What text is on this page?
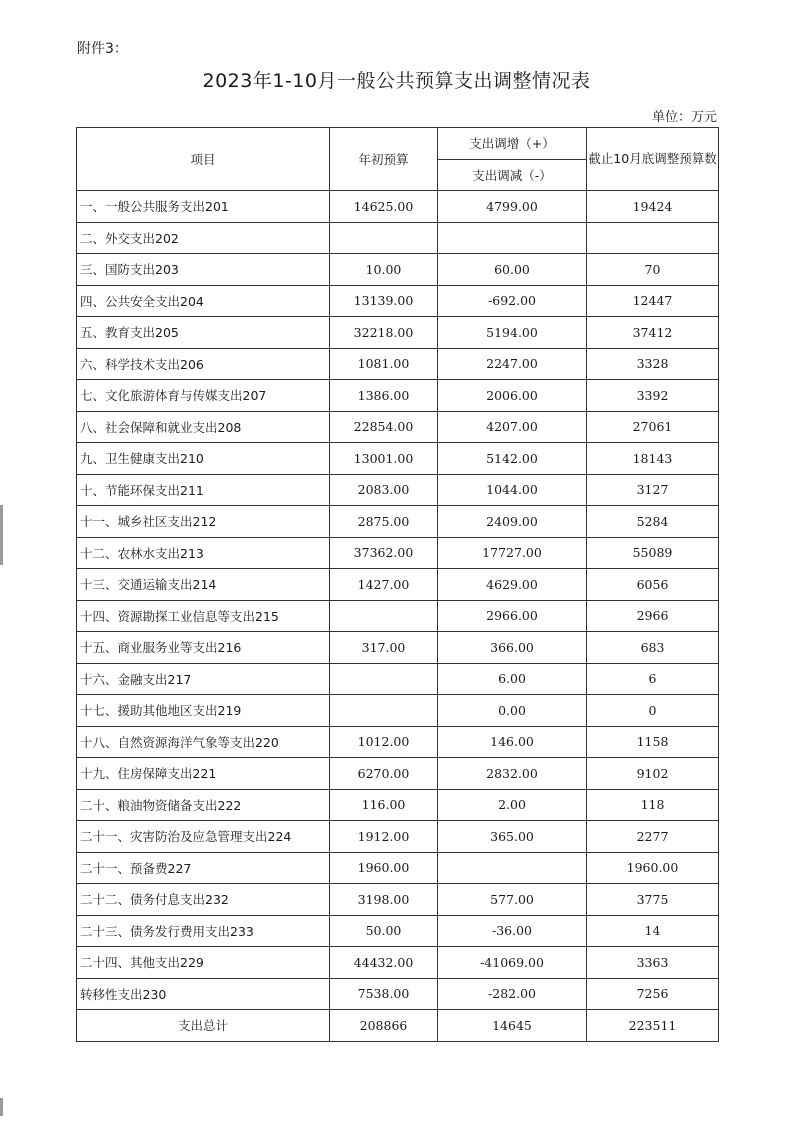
附件3：
2023年1-10月一般公共预算支出调整情况表
单位：万元
项目	年初预算	支出调增（+）	截止10月底调整预算数
		支出调减（-）	
一、一般公共服务支出201	14625.00	4799.00	19424
二、外交支出202			
三、国防支出203	10.00	60.00	70
四、公共安全支出204	13139.00	-692.00	12447
五、教育支出205	32218.00	5194.00	37412
六、科学技术支出206	1081.00	2247.00	3328
七、文化旅游体育与传媒支出207	1386.00	2006.00	3392
八、社会保障和就业支出208	22854.00	4207.00	27061
九、卫生健康支出210	13001.00	5142.00	18143
十、节能环保支出211	2083.00	1044.00	3127
十一、城乡社区支出212	2875.00	2409.00	5284
十二、农林水支出213	37362.00	17727.00	55089
十三、交通运输支出214	1427.00	4629.00	6056
十四、资源勘探工业信息等支出215		2966.00	2966
十五、商业服务业等支出216	317.00	366.00	683
十六、金融支出217		6.00	6
十七、援助其他地区支出219		0.00	0
十八、自然资源海洋气象等支出220	1012.00	146.00	1158
十九、住房保障支出221	6270.00	2832.00	9102
二十、粮油物资储备支出222	116.00	2.00	118
二十一、灾害防治及应急管理支出224	1912.00	365.00	2277
二十一、预备费227	1960.00		1960.00
二十二、债务付息支出232	3198.00	577.00	3775
二十三、债务发行费用支出233	50.00	-36.00	14
二十四、其他支出229	44432.00	-41069.00	3363
转移性支出230	7538.00	-282.00	7256
支出总计	208866	14645	223511
